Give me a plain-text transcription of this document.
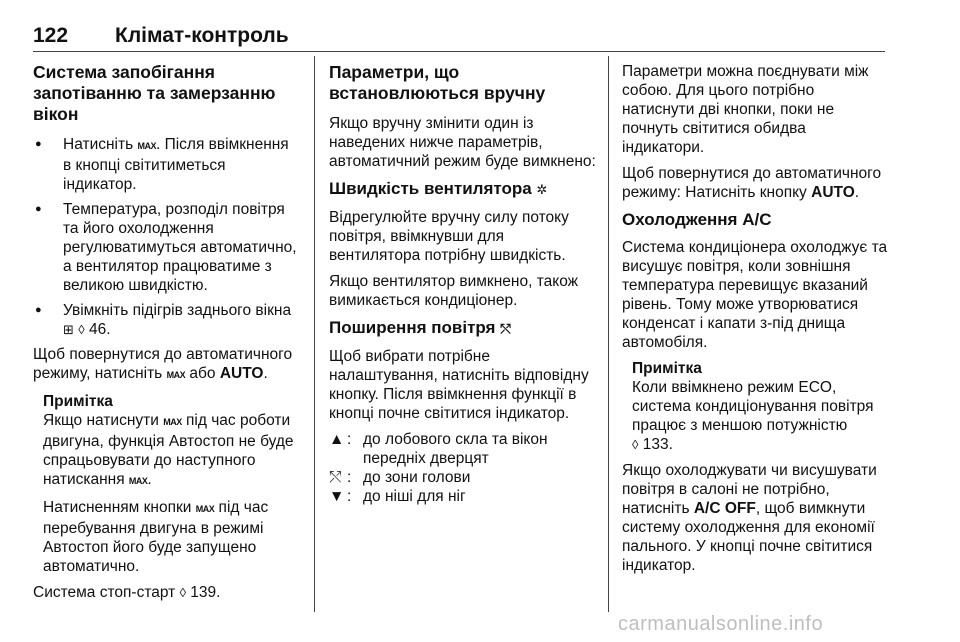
122 Клімат-контроль
Система запобігання запотіванню та замерзанню вікон
● Натисніть MAX. Після ввімкнення в кнопці світитиметься індикатор.
● Температура, розподіл повітря та його охолодження регулюватимуться автоматично, а вентилятор працюватиме з великою швидкістю.
● Увімкніть підігрів заднього вікна ⊞ ◊ 46.

Щоб повернутися до автоматичного режиму, натисніть MAX або AUTO.

Примітка

Якщо натиснути MAX під час роботи двигуна, функція Автостоп не буде спрацьовувати до наступного натискання MAX.

Натисненням кнопки MAX під час перебування двигуна в режимі Автостоп його буде запущено автоматично.

Система стоп-старт ◊ 139.

Параметри, що встановлюються вручну

Якщо вручну змінити один із наведених нижче параметрів, автоматичний режим буде вимкнено:

Швидкість вентилятора ✲

Відрегулюйте вручну силу потоку повітря, ввімкнувши для вентилятора потрібну швидкість.

Якщо вентилятор вимкнено, також вимикається кондиціонер.

Поширення повітря ⤲

Щоб вибрати потрібне налаштування, натисніть відповідну кнопку. Після ввімкнення функції в кнопці почне світитися індикатор.

▲ : до лобового скла та вікон передніх дверцят
⤲ : до зони голови
▼ : до ніші для ніг

Параметри можна поєднувати між собою. Для цього потрібно натиснути дві кнопки, поки не почнуть світитися обидва індикатори.

Щоб повернутися до автоматичного режиму: Натисніть кнопку AUTO.

Охолодження A/C

Система кондиціонера охолоджує та висушує повітря, коли зовнішня температура перевищує вказаний рівень. Тому може утворюватися конденсат і капати з-під днища автомобіля.

Примітка

Коли ввімкнено режим ECO, система кондиціонування повітря працює з меншою потужністю
◊ 133.

Якщо охолоджувати чи висушувати повітря в салоні не потрібно, натисніть A/C OFF, щоб вимкнути систему охолодження для економії пального. У кнопці почне світитися індикатор.

carmanualsonline.info
